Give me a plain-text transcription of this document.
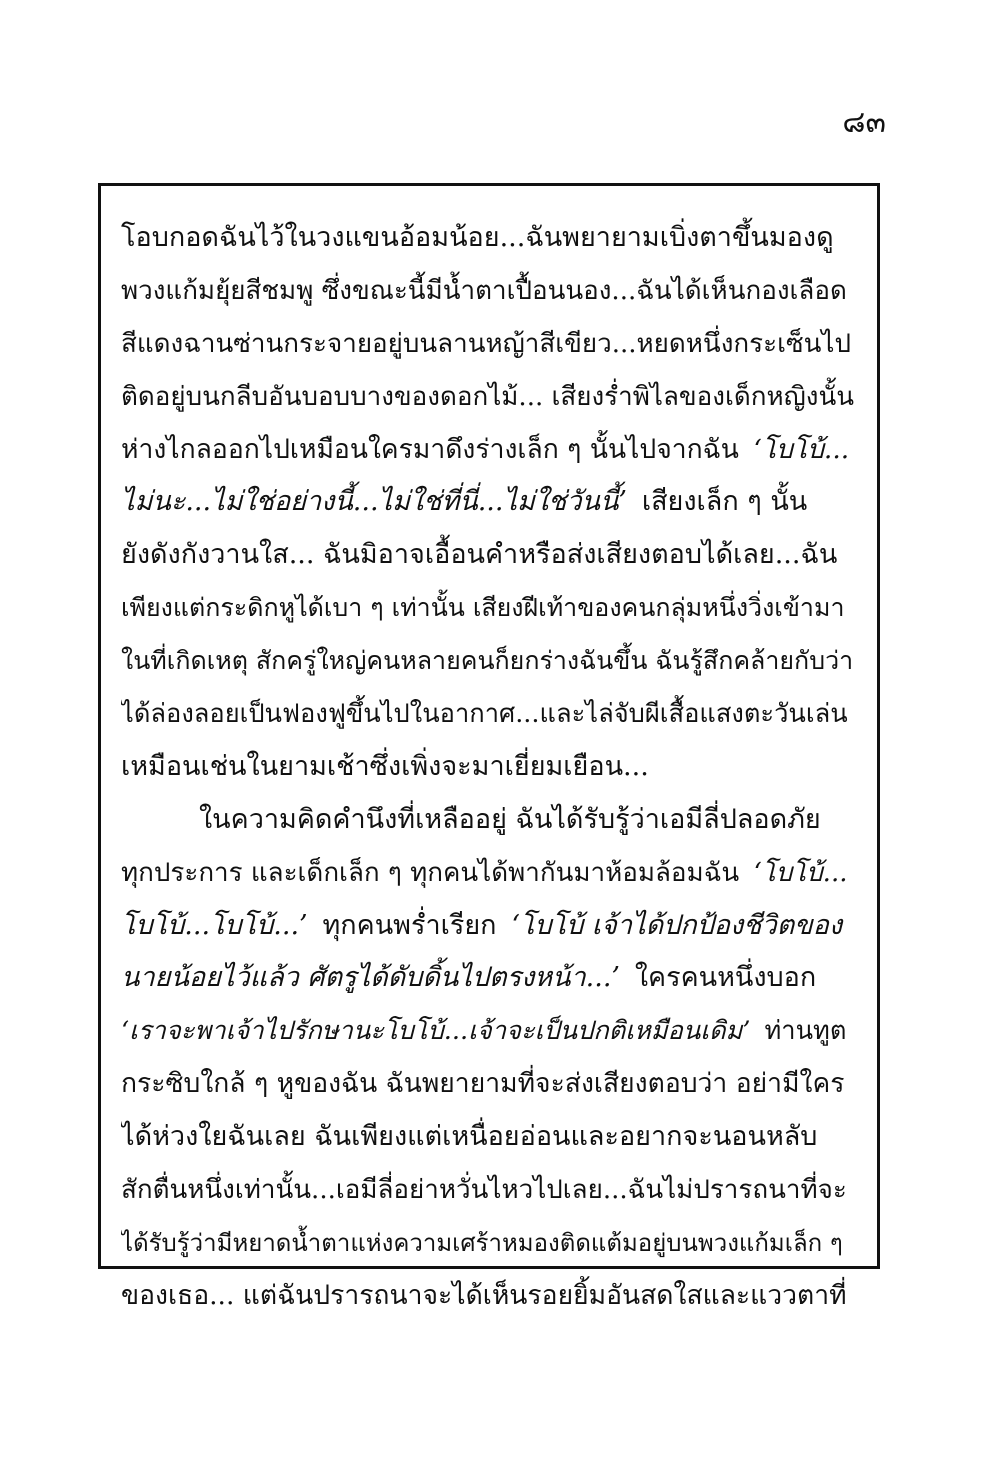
๘๓
โอบกอดฉันไว้ในวงแขนอ้อมน้อย...ฉันพยายามเบิ่งตาขึ้นมองดู
พวงแก้มยุ้ยสีชมพู ซึ่งขณะนี้มีน้ำตาเปื้อนนอง...ฉันได้เห็นกองเลือด
สีแดงฉานซ่านกระจายอยู่บนลานหญ้าสีเขียว...หยดหนึ่งกระเซ็นไป
ติดอยู่บนกลีบอันบอบบางของดอกไม้... เสียงร่ำพิไลของเด็กหญิงนั้น
ห่างไกลออกไปเหมือนใครมาดึงร่างเล็ก ๆ นั้นไปจากฉัน ‘โบโบ้...
ไม่นะ...ไม่ใช่อย่างนี้...ไม่ใช่ที่นี่...ไม่ใช่วันนี้’ เสียงเล็ก ๆ นั้น
ยังดังกังวานใส... ฉันมิอาจเอื้อนคำหรือส่งเสียงตอบได้เลย...ฉัน
เพียงแต่กระดิกหูได้เบา ๆ เท่านั้น เสียงฝีเท้าของคนกลุ่มหนึ่งวิ่งเข้ามา
ในที่เกิดเหตุ สักครู่ใหญ่คนหลายคนก็ยกร่างฉันขึ้น ฉันรู้สึกคล้ายกับว่า
ได้ล่องลอยเป็นฟองฟูขึ้นไปในอากาศ...และไล่จับผีเสื้อแสงตะวันเล่น
เหมือนเช่นในยามเช้าซึ่งเพิ่งจะมาเยี่ยมเยือน...
ในความคิดคำนึงที่เหลืออยู่ ฉันได้รับรู้ว่าเอมีลี่ปลอดภัย
ทุกประการ และเด็กเล็ก ๆ ทุกคนได้พากันมาห้อมล้อมฉัน ‘โบโบ้...
โบโบ้...โบโบ้...’ ทุกคนพร่ำเรียก ‘โบโบ้ เจ้าได้ปกป้องชีวิตของ
นายน้อยไว้แล้ว ศัตรูได้ดับดิ้นไปตรงหน้า...’ ใครคนหนึ่งบอก
‘เราจะพาเจ้าไปรักษานะโบโบ้...เจ้าจะเป็นปกติเหมือนเดิม’ ท่านทูต
กระซิบใกล้ ๆ หูของฉัน ฉันพยายามที่จะส่งเสียงตอบว่า อย่ามีใคร
ได้ห่วงใยฉันเลย ฉันเพียงแต่เหนื่อยอ่อนและอยากจะนอนหลับ
สักตื่นหนึ่งเท่านั้น...เอมีลี่อย่าหวั่นไหวไปเลย...ฉันไม่ปรารถนาที่จะ
ได้รับรู้ว่ามีหยาดน้ำตาแห่งความเศร้าหมองติดแต้มอยู่บนพวงแก้มเล็ก ๆ
ของเธอ... แต่ฉันปรารถนาจะได้เห็นรอยยิ้มอันสดใสและแววตาที่
